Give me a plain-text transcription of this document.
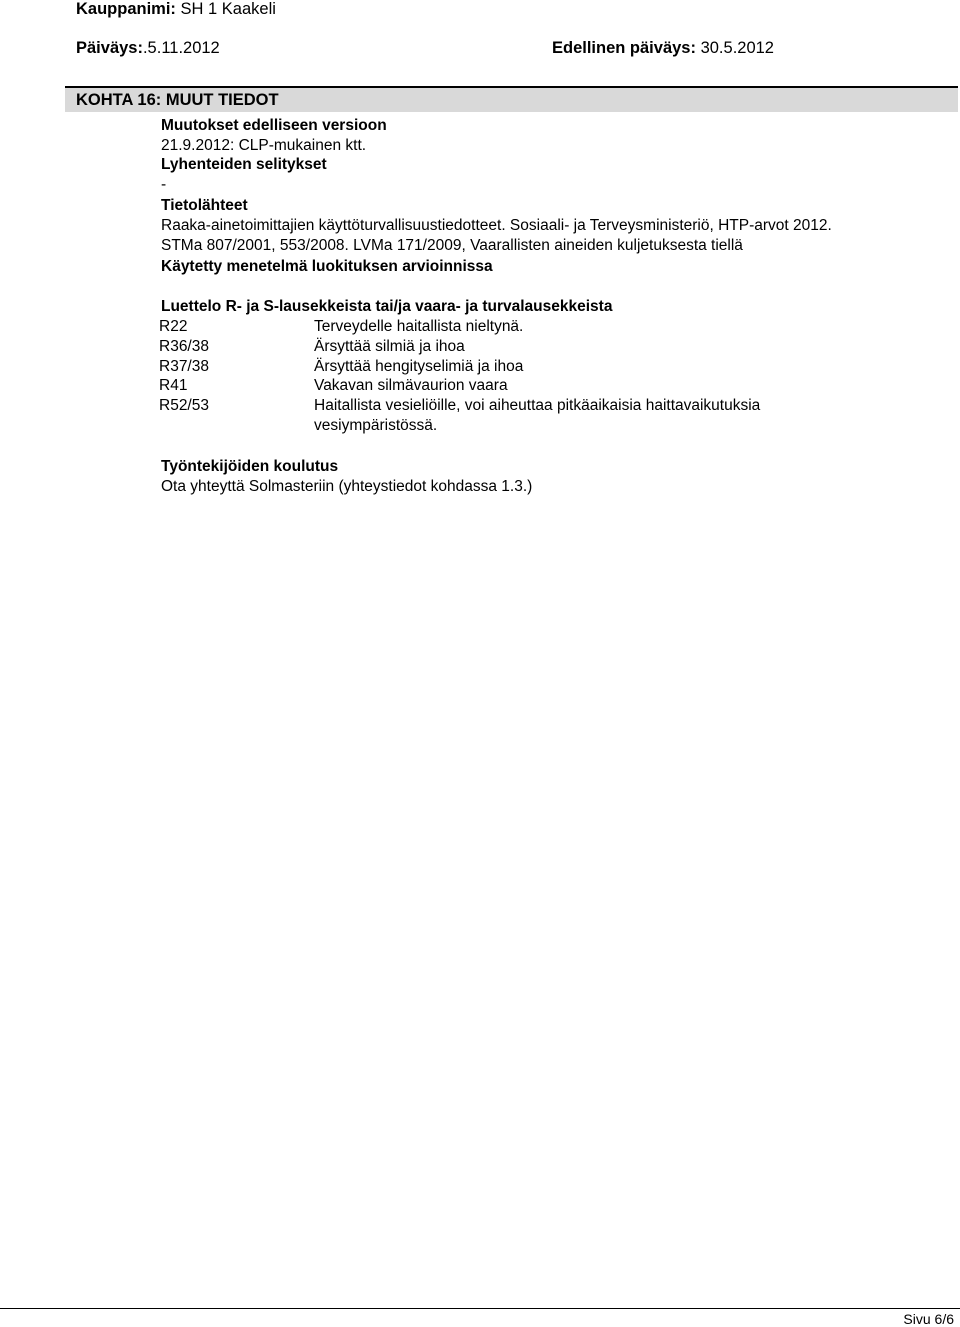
Kauppanimi: SH 1 Kaakeli
Päiväys:.5.11.2012	Edellinen päiväys: 30.5.2012
KOHTA 16: MUUT TIEDOT
Muutokset edelliseen versioon
21.9.2012: CLP-mukainen ktt.
Lyhenteiden selitykset
-
Tietolähteet
Raaka-ainetoimittajien käyttöturvallisuustiedotteet. Sosiaali- ja Terveysministeriö, HTP-arvot 2012.
STMa 807/2001, 553/2008. LVMa 171/2009, Vaarallisten aineiden kuljetuksesta tiellä
Käytetty menetelmä luokituksen arvioinnissa
Luettelo R- ja S-lausekkeista tai/ja vaara- ja turvalausekkeista
R22	Terveydelle haitallista nieltynä.
R36/38	Ärsyttää silmiä ja ihoa
R37/38	Ärsyttää hengityselimiä ja ihoa
R41	Vakavan silmävaurion vaara
R52/53	Haitallista vesieliöille, voi aiheuttaa pitkäaikaisia haittavaikutuksia
vesiympäristössä.
Työntekijöiden koulutus
Ota yhteyttä Solmasteriin (yhteystiedot kohdassa 1.3.)
Sivu 6/6
